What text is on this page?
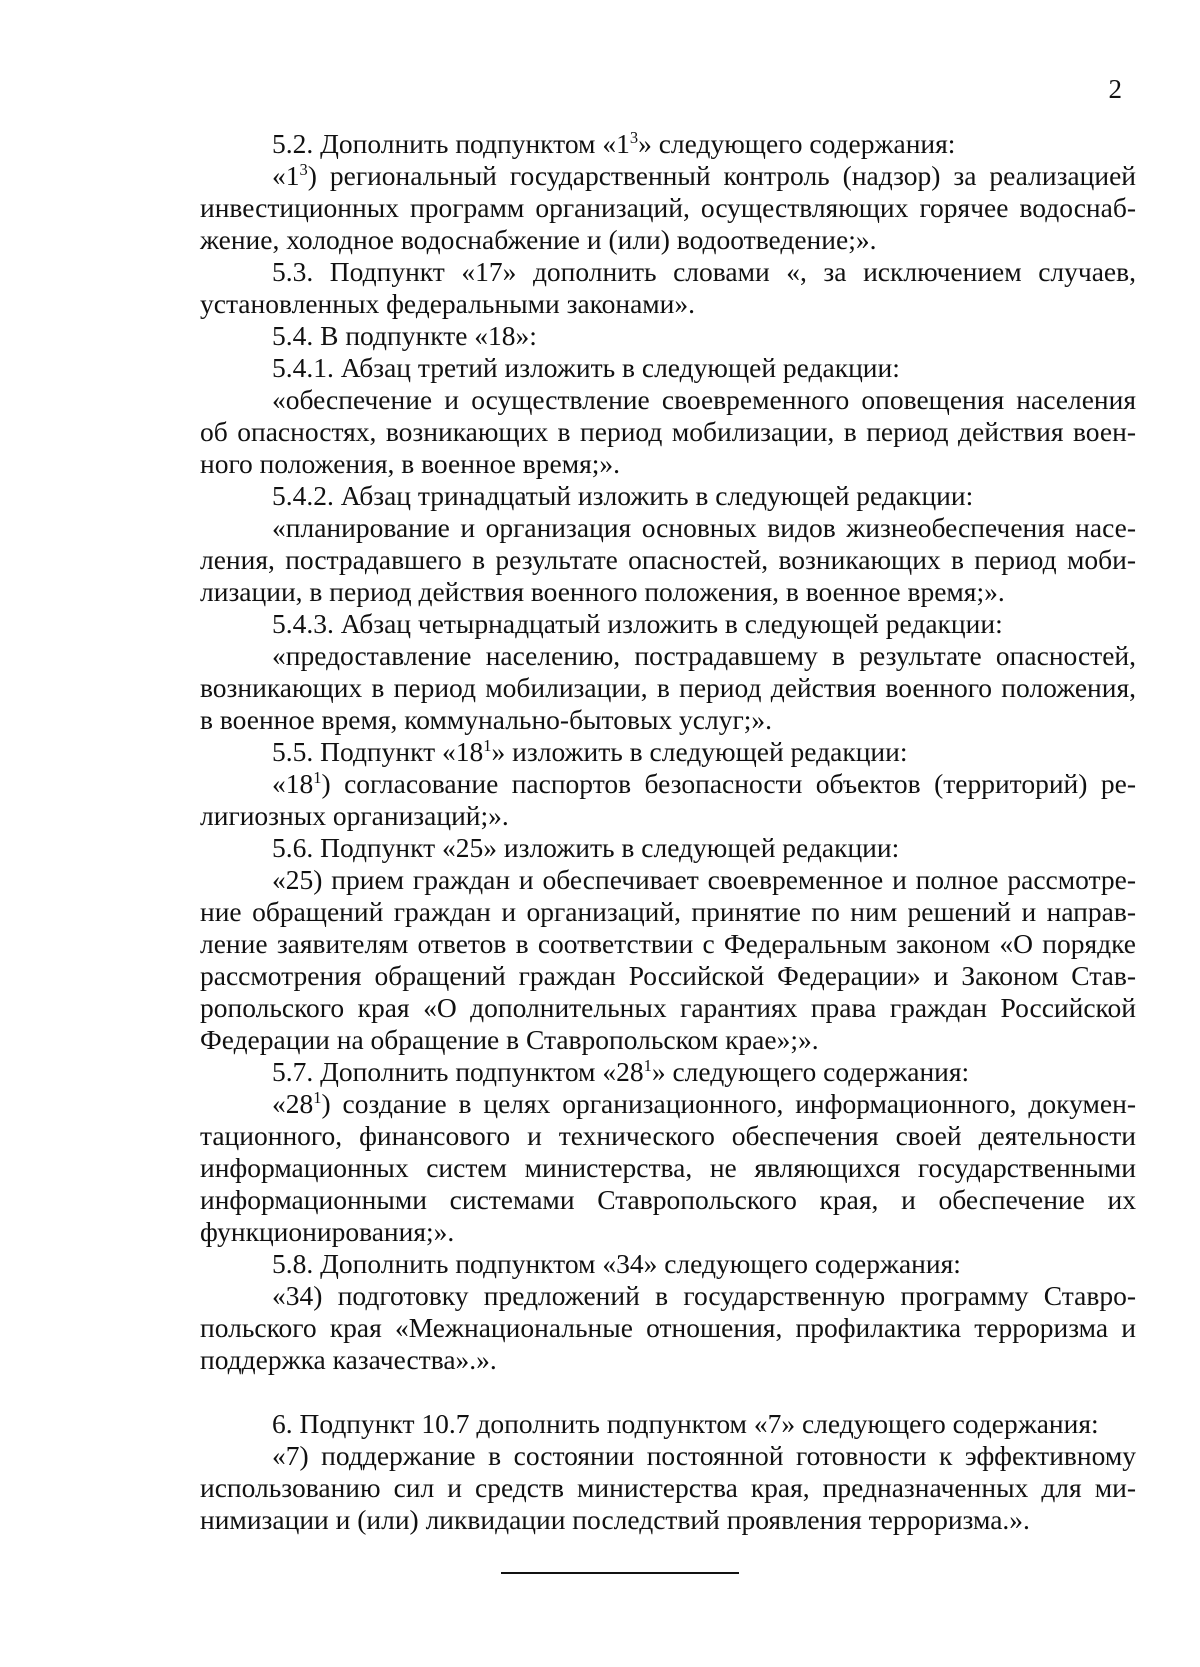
2

5.2. Дополнить подпунктом «$1^3$» следующего содержания:

«$1^3$) региональный государственный контроль (надзор) за реализацией инвестиционных программ организаций, осуществляющих горячее водоснабжение, холодное водоснабжение и (или) водоотведение;».

5.3. Подпункт «17» дополнить словами «, за исключением случаев, установленных федеральными законами».

5.4. В подпункте «18»:

5.4.1. Абзац третий изложить в следующей редакции:

«обеспечение и осуществление своевременного оповещения населения об опасностях, возникающих в период мобилизации, в период действия военного положения, в военное время;».

5.4.2. Абзац тринадцатый изложить в следующей редакции:

«планирование и организация основных видов жизнеобеспечения населения, пострадавшего в результате опасностей, возникающих в период мобилизации, в период действия военного положения, в военное время;».

5.4.3. Абзац четырнадцатый изложить в следующей редакции:

«предоставление населению, пострадавшему в результате опасностей, возникающих в период мобилизации, в период действия военного положения, в военное время, коммунально-бытовых услуг;».

5.5. Подпункт «$18^1$» изложить в следующей редакции:

«$18^1$) согласование паспортов безопасности объектов (территорий) религиозных организаций;».

5.6. Подпункт «25» изложить в следующей редакции:

«25) прием граждан и обеспечивает своевременное и полное рассмотрение обращений граждан и организаций, принятие по ним решений и направление заявителям ответов в соответствии с Федеральным законом «О порядке рассмотрения обращений граждан Российской Федерации» и Законом Ставропольского края «О дополнительных гарантиях права граждан Российской Федерации на обращение в Ставропольском крае»;».

5.7. Дополнить подпунктом «$28^1$» следующего содержания:

«$28^1$) создание в целях организационного, информационного, документационного, финансового и технического обеспечения своей деятельности информационных систем министерства, не являющихся государственными информационными системами Ставропольского края, и обеспечение их функционирования;».

5.8. Дополнить подпунктом «34» следующего содержания:

«34) подготовку предложений в государственную программу Ставропольского края «Межнациональные отношения, профилактика терроризма и поддержка казачества».».

6. Подпункт 10.7 дополнить подпунктом «7» следующего содержания:

«7) поддержание в состоянии постоянной готовности к эффективному использованию сил и средств министерства края, предназначенных для минимизации и (или) ликвидации последствий проявления терроризма.».
